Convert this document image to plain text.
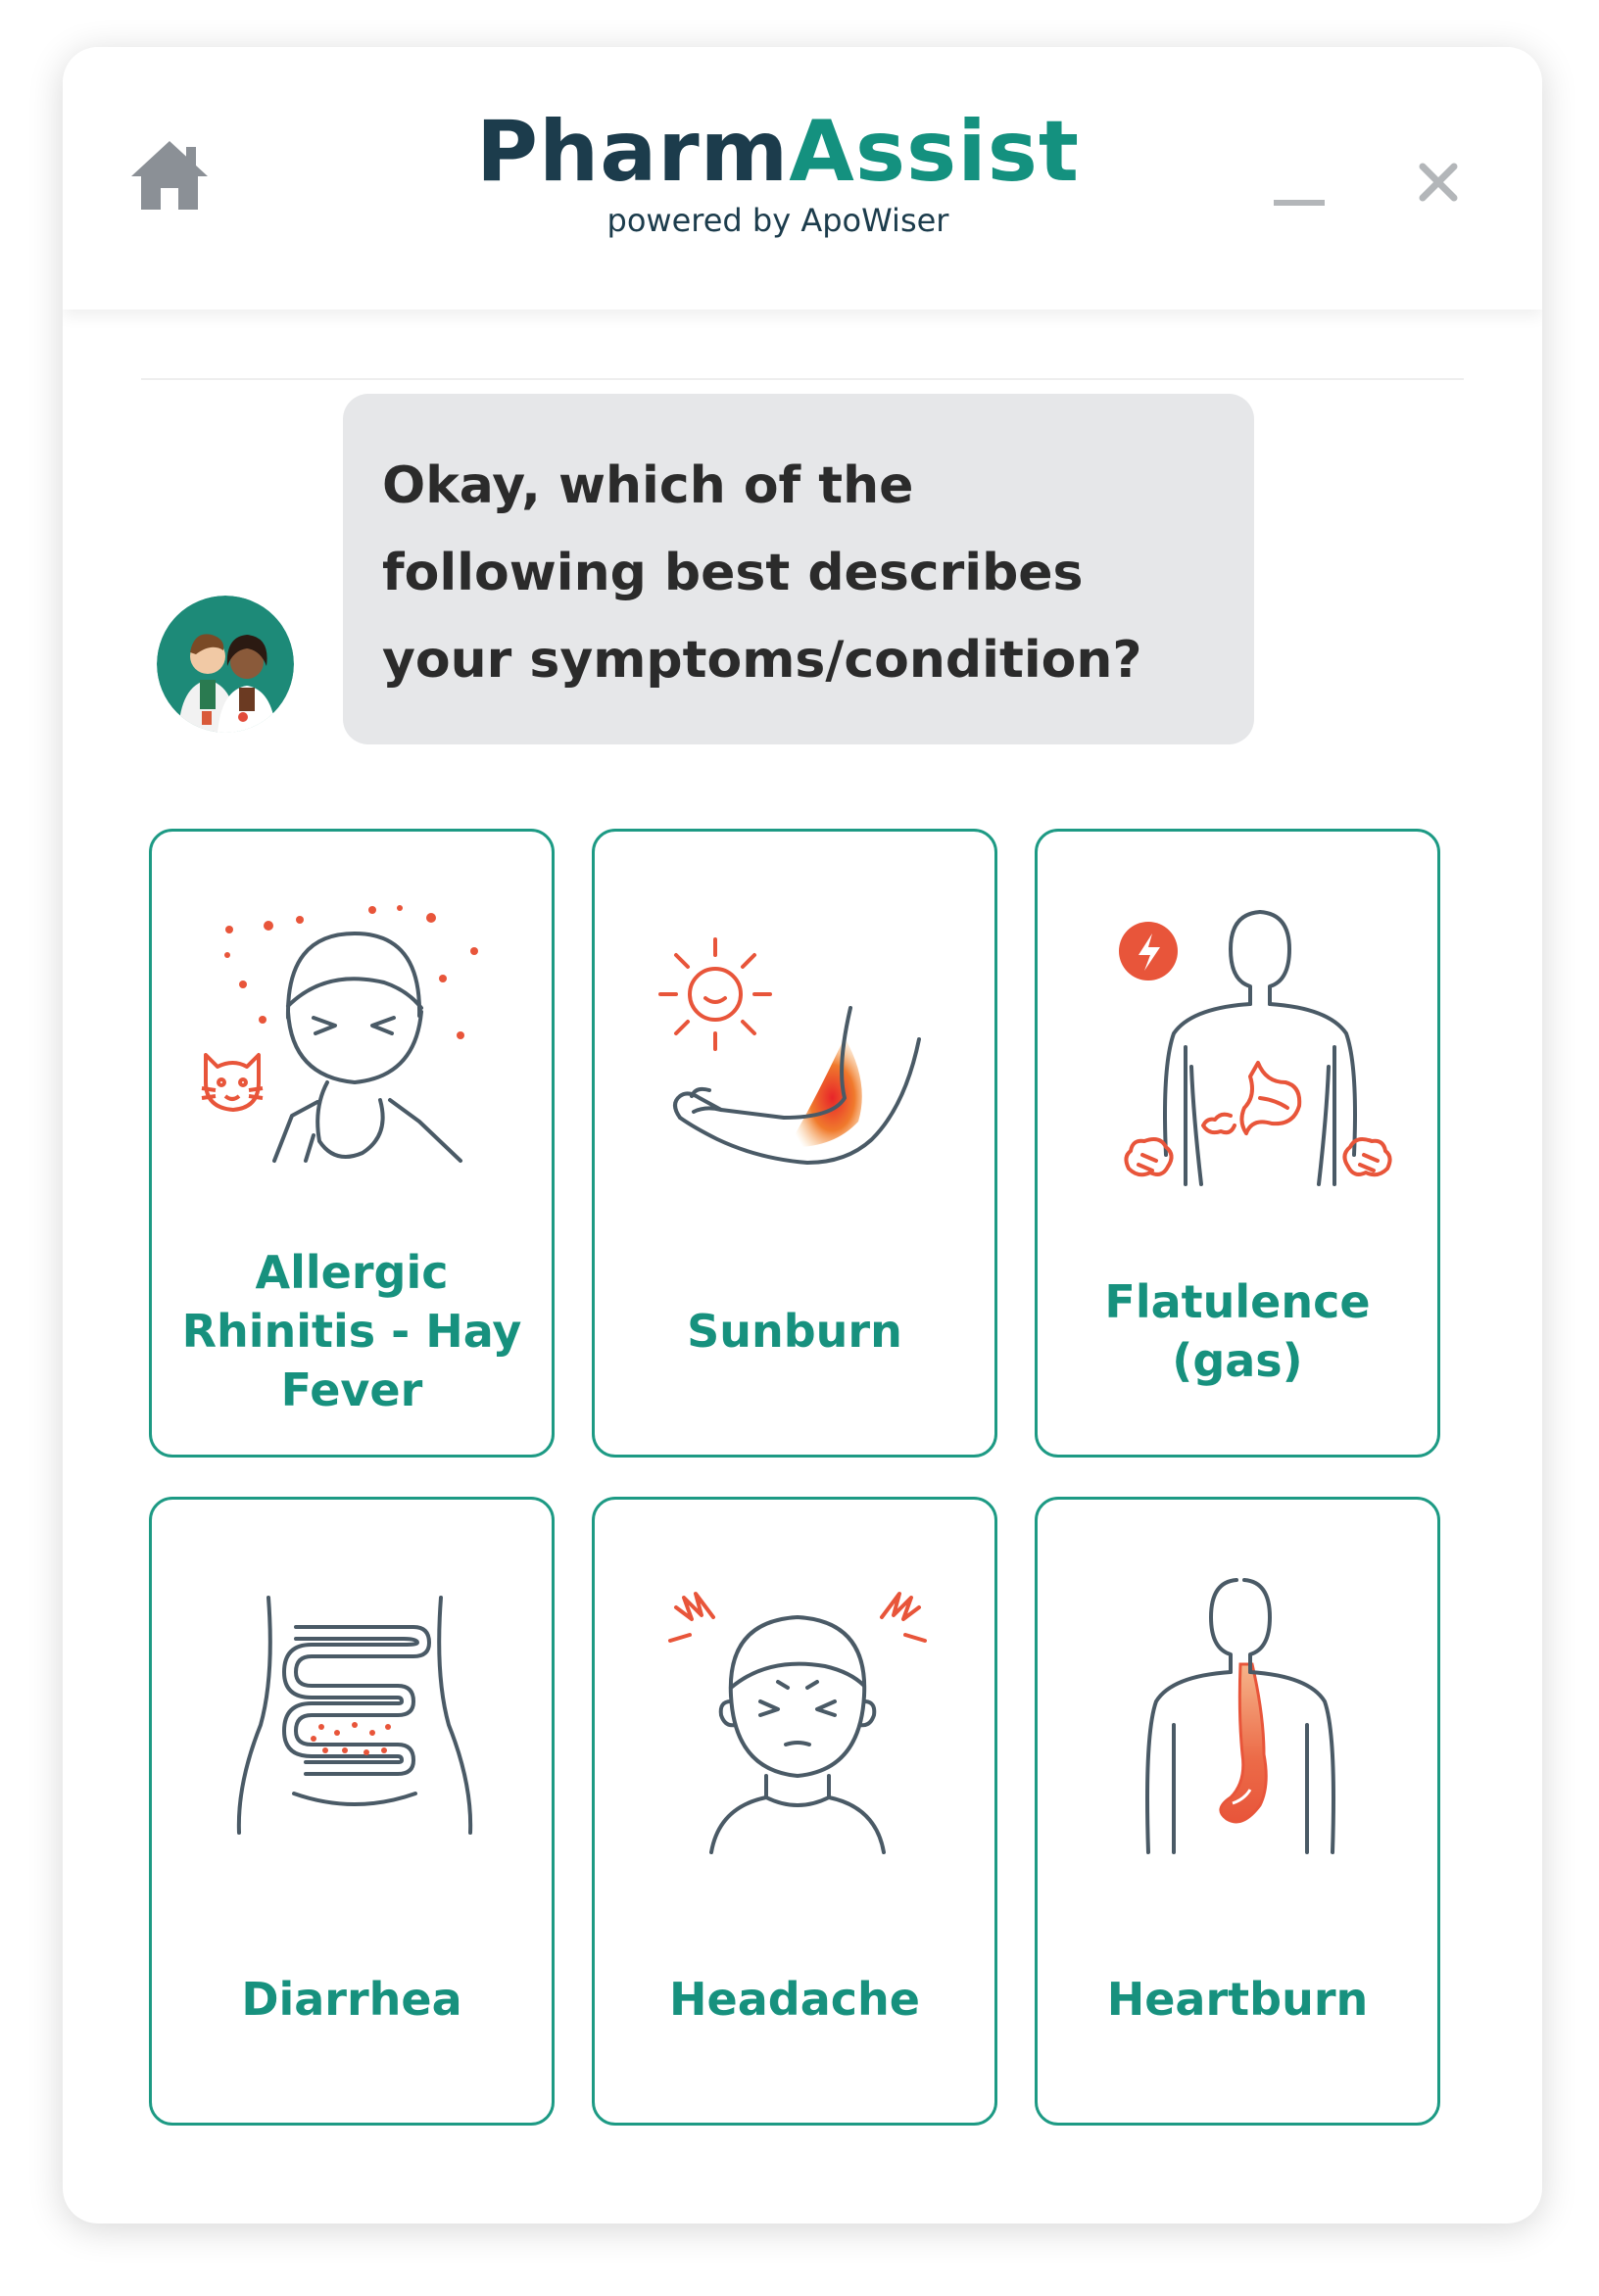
PharmAssist
powered by ApoWiser

Okay, which of the
following best describes
your symptoms/condition?

Allergic Rhinitis - Hay Fever
Sunburn
Flatulence (gas)
Diarrhea	Headache	Heartburn
